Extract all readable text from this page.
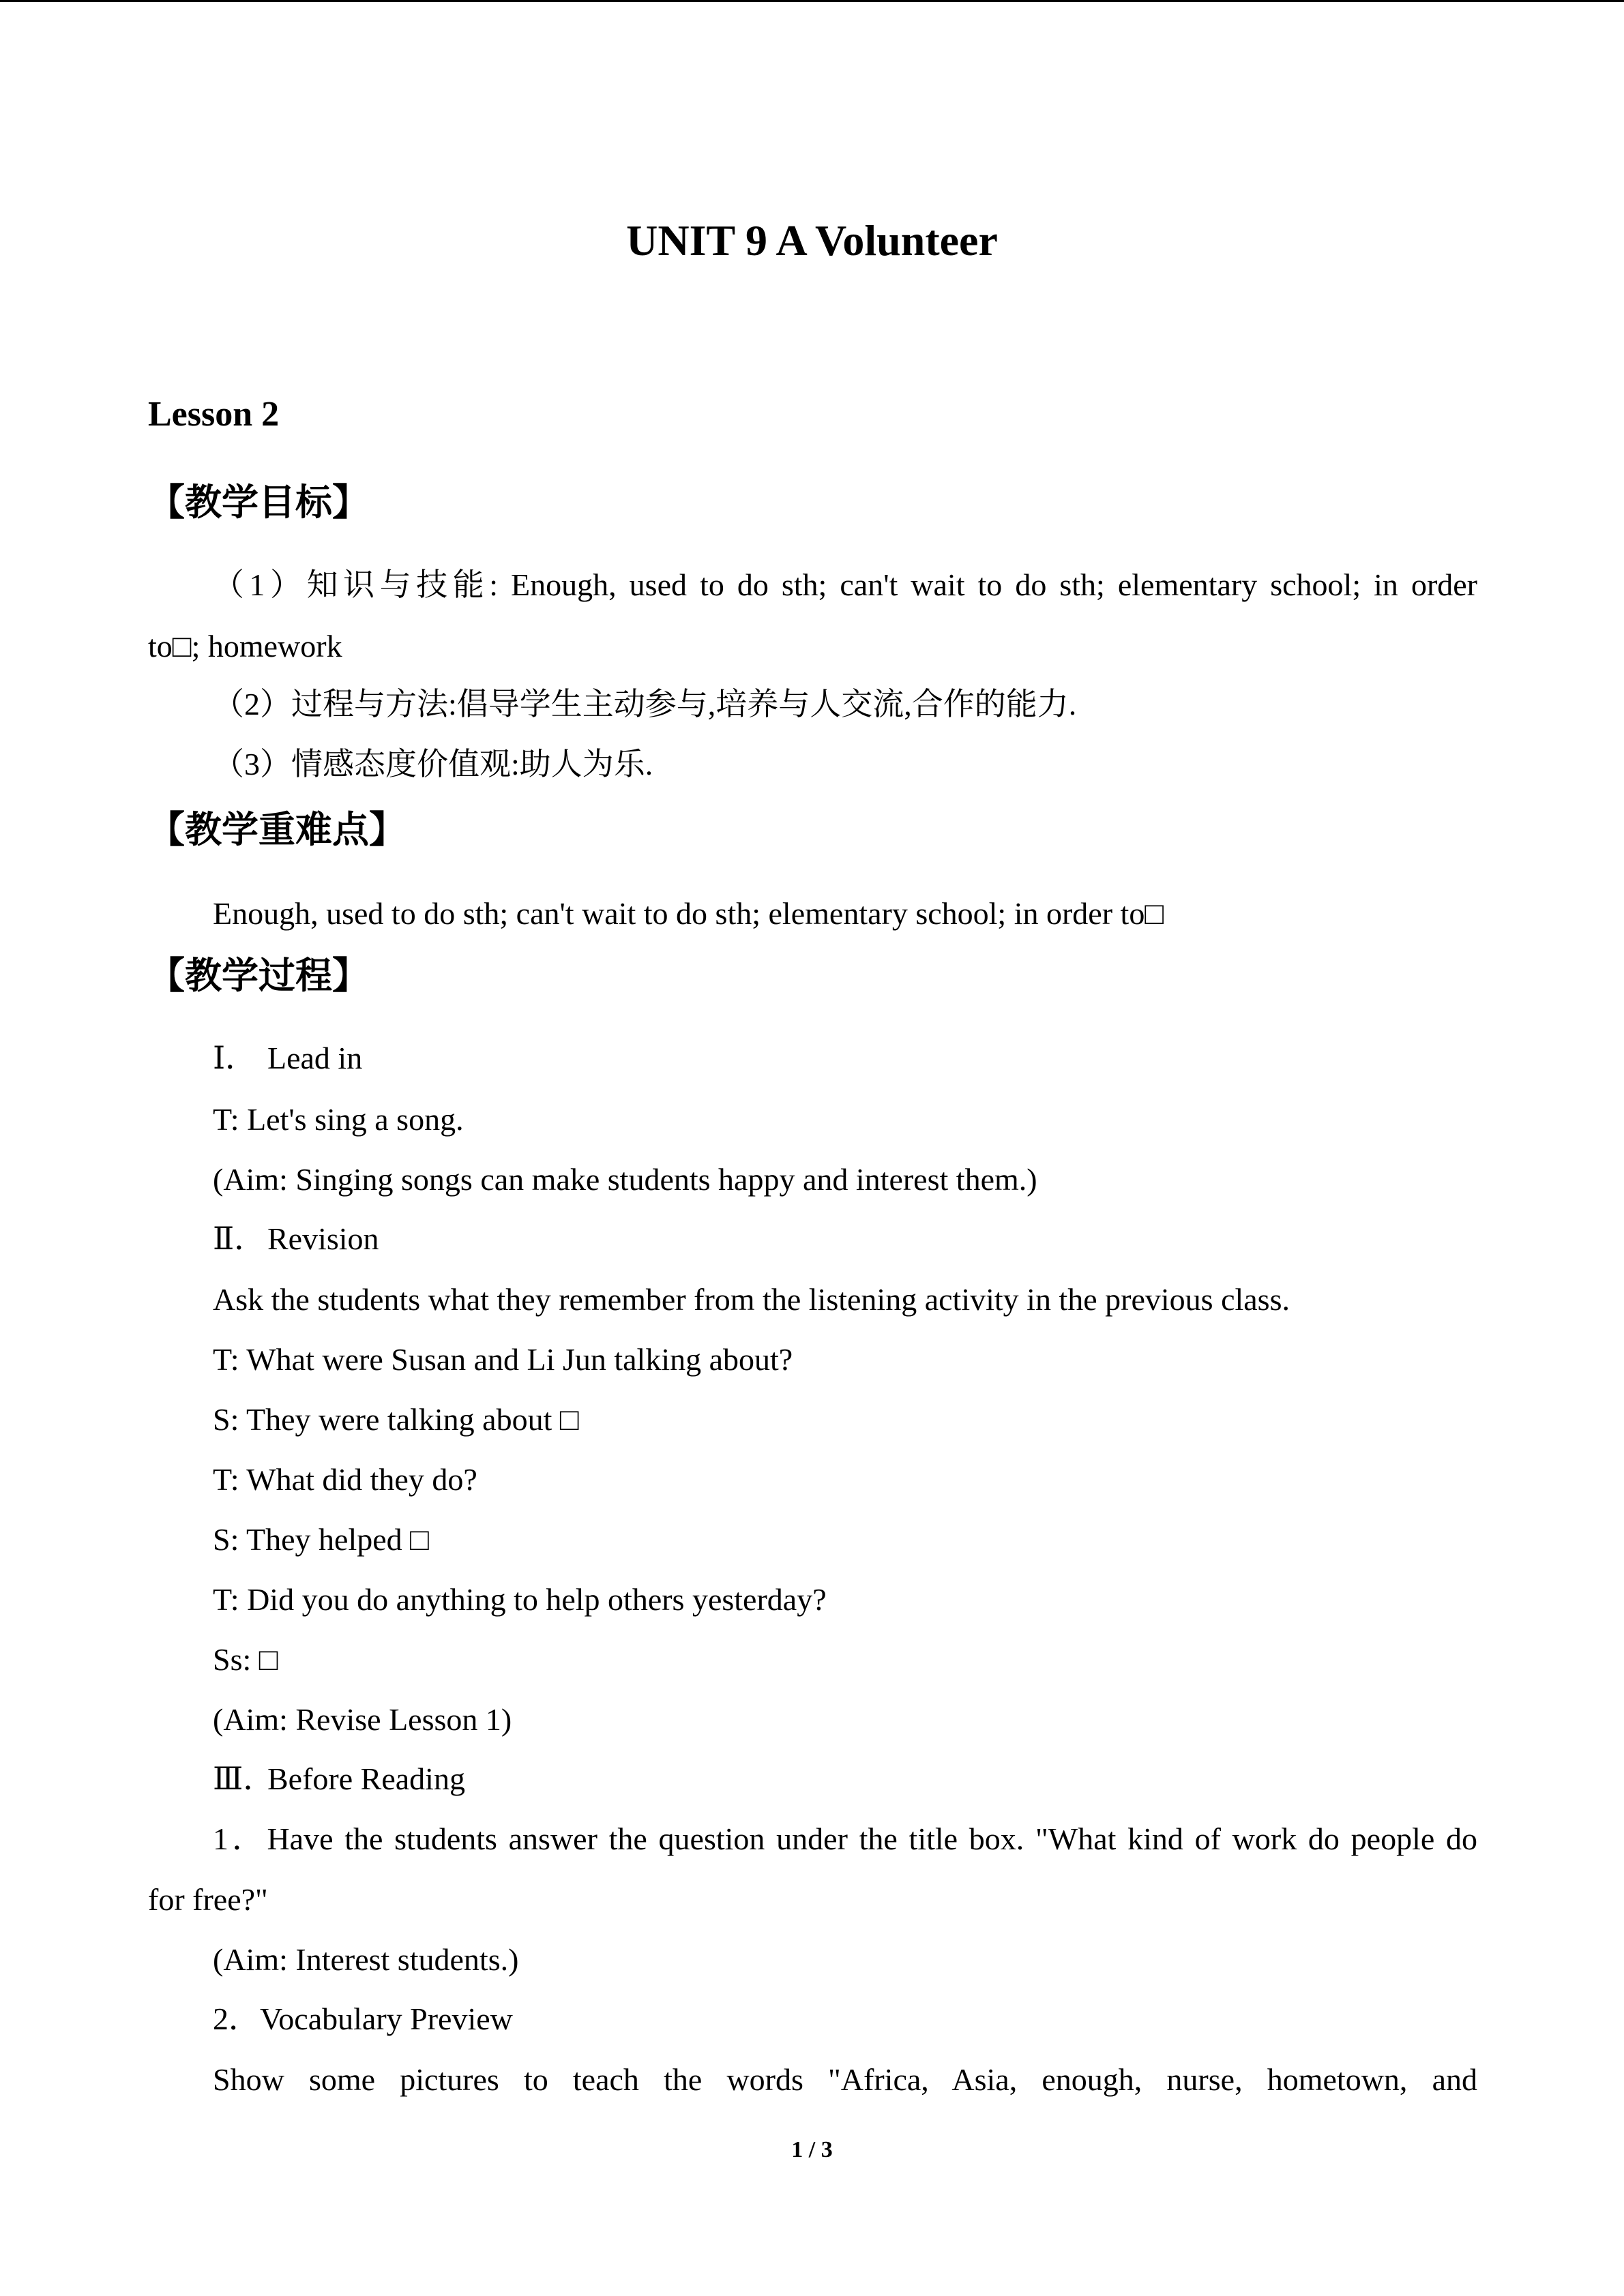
UNIT 9 A Volunteer
Lesson 2
【教学目标】

（1）知识与技能: Enough, used to do sth; can't wait to do sth; elementary school; in order

to□; homework

（2）过程与方法:倡导学生主动参与,培养与人交流,合作的能力.

（3）情感态度价值观:助人为乐.

【教学重难点】

Enough, used to do sth; can't wait to do sth; elementary school; in order to□

【教学过程】

Ⅰ． Lead in

T: Let's sing a song.

(Aim: Singing songs can make students happy and interest them.)

Ⅱ．Revision

Ask the students what they remember from the listening activity in the previous class.

T: What were Susan and Li Jun talking about?

S: They were talking about □

T: What did they do?

S: They helped □

T: Did you do anything to help others yesterday?

Ss: □

(Aim: Revise Lesson 1)

Ⅲ．Before Reading

1．Have the students answer the question under the title box. "What kind of work do people do

for free?"

(Aim: Interest students.)

2．Vocabulary Preview

Show some pictures to teach the words "Africa, Asia, enough, nurse, hometown, and

1 / 3
